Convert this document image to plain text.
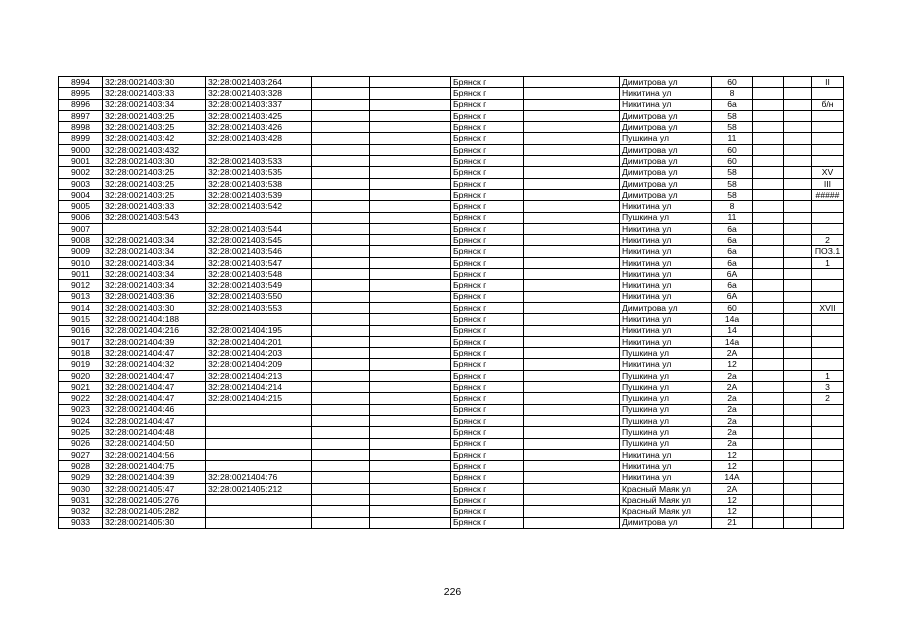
8994	32:28:0021403:30	32:28:0021403:264			Брянск г		Димитрова ул	60			II
8995	32:28:0021403:33	32:28:0021403:328			Брянск г		Никитина ул	8			
8996	32:28:0021403:34	32:28:0021403:337			Брянск г		Никитина ул	6а			б/н
8997	32:28:0021403:25	32:28:0021403:425			Брянск г		Димитрова ул	58			
8998	32:28:0021403:25	32:28:0021403:426			Брянск г		Димитрова ул	58			
8999	32:28:0021403:42	32:28:0021403:428			Брянск г		Пушкина ул	11			
9000	32:28:0021403:432				Брянск г		Димитрова ул	60			
9001	32:28:0021403:30	32:28:0021403:533			Брянск г		Димитрова ул	60			
9002	32:28:0021403:25	32:28:0021403:535			Брянск г		Димитрова ул	58			XV
9003	32:28:0021403:25	32:28:0021403:538			Брянск г		Димитрова ул	58			III
9004	32:28:0021403:25	32:28:0021403:539			Брянск г		Димитрова ул	58			#####
9005	32:28:0021403:33	32:28:0021403:542			Брянск г		Никитина ул	8			
9006	32:28:0021403:543				Брянск г		Пушкина ул	11			
9007		32:28:0021403:544			Брянск г		Никитина ул	6а			
9008	32:28:0021403:34	32:28:0021403:545			Брянск г		Никитина ул	6а			2
9009	32:28:0021403:34	32:28:0021403:546			Брянск г		Никитина ул	6а			ПОЗ.1
9010	32:28:0021403:34	32:28:0021403:547			Брянск г		Никитина ул	6а			1
9011	32:28:0021403:34	32:28:0021403:548			Брянск г		Никитина ул	6А			
9012	32:28:0021403:34	32:28:0021403:549			Брянск г		Никитина ул	6а			
9013	32:28:0021403:36	32:28:0021403:550			Брянск г		Никитина ул	6А			
9014	32:28:0021403:30	32:28:0021403:553			Брянск г		Димитрова ул	60			XVII
9015	32:28:0021404:188				Брянск г		Никитина ул	14а			
9016	32:28:0021404:216	32:28:0021404:195			Брянск г		Никитина ул	14			
9017	32:28:0021404:39	32:28:0021404:201			Брянск г		Никитина ул	14а			
9018	32:28:0021404:47	32:28:0021404:203			Брянск г		Пушкина ул	2А			
9019	32:28:0021404:32	32:28:0021404:209			Брянск г		Никитина ул	12			
9020	32:28:0021404:47	32:28:0021404:213			Брянск г		Пушкина ул	2а			1
9021	32:28:0021404:47	32:28:0021404:214			Брянск г		Пушкина ул	2А			3
9022	32:28:0021404:47	32:28:0021404:215			Брянск г		Пушкина ул	2а			2
9023	32:28:0021404:46				Брянск г		Пушкина ул	2а			
9024	32:28:0021404:47				Брянск г		Пушкина ул	2а			
9025	32:28:0021404:48				Брянск г		Пушкина ул	2а			
9026	32:28:0021404:50				Брянск г		Пушкина ул	2а			
9027	32:28:0021404:56				Брянск г		Никитина ул	12			
9028	32:28:0021404:75				Брянск г		Никитина ул	12			
9029	32:28:0021404:39	32:28:0021404:76			Брянск г		Никитина ул	14А			
9030	32:28:0021405:47	32:28:0021405:212			Брянск г		Красный Маяк ул	2А			
9031	32:28:0021405:276				Брянск г		Красный Маяк ул	12			
9032	32:28:0021405:282				Брянск г		Красный Маяк ул	12			
9033	32:28:0021405:30				Брянск г		Димитрова ул	21			
226
